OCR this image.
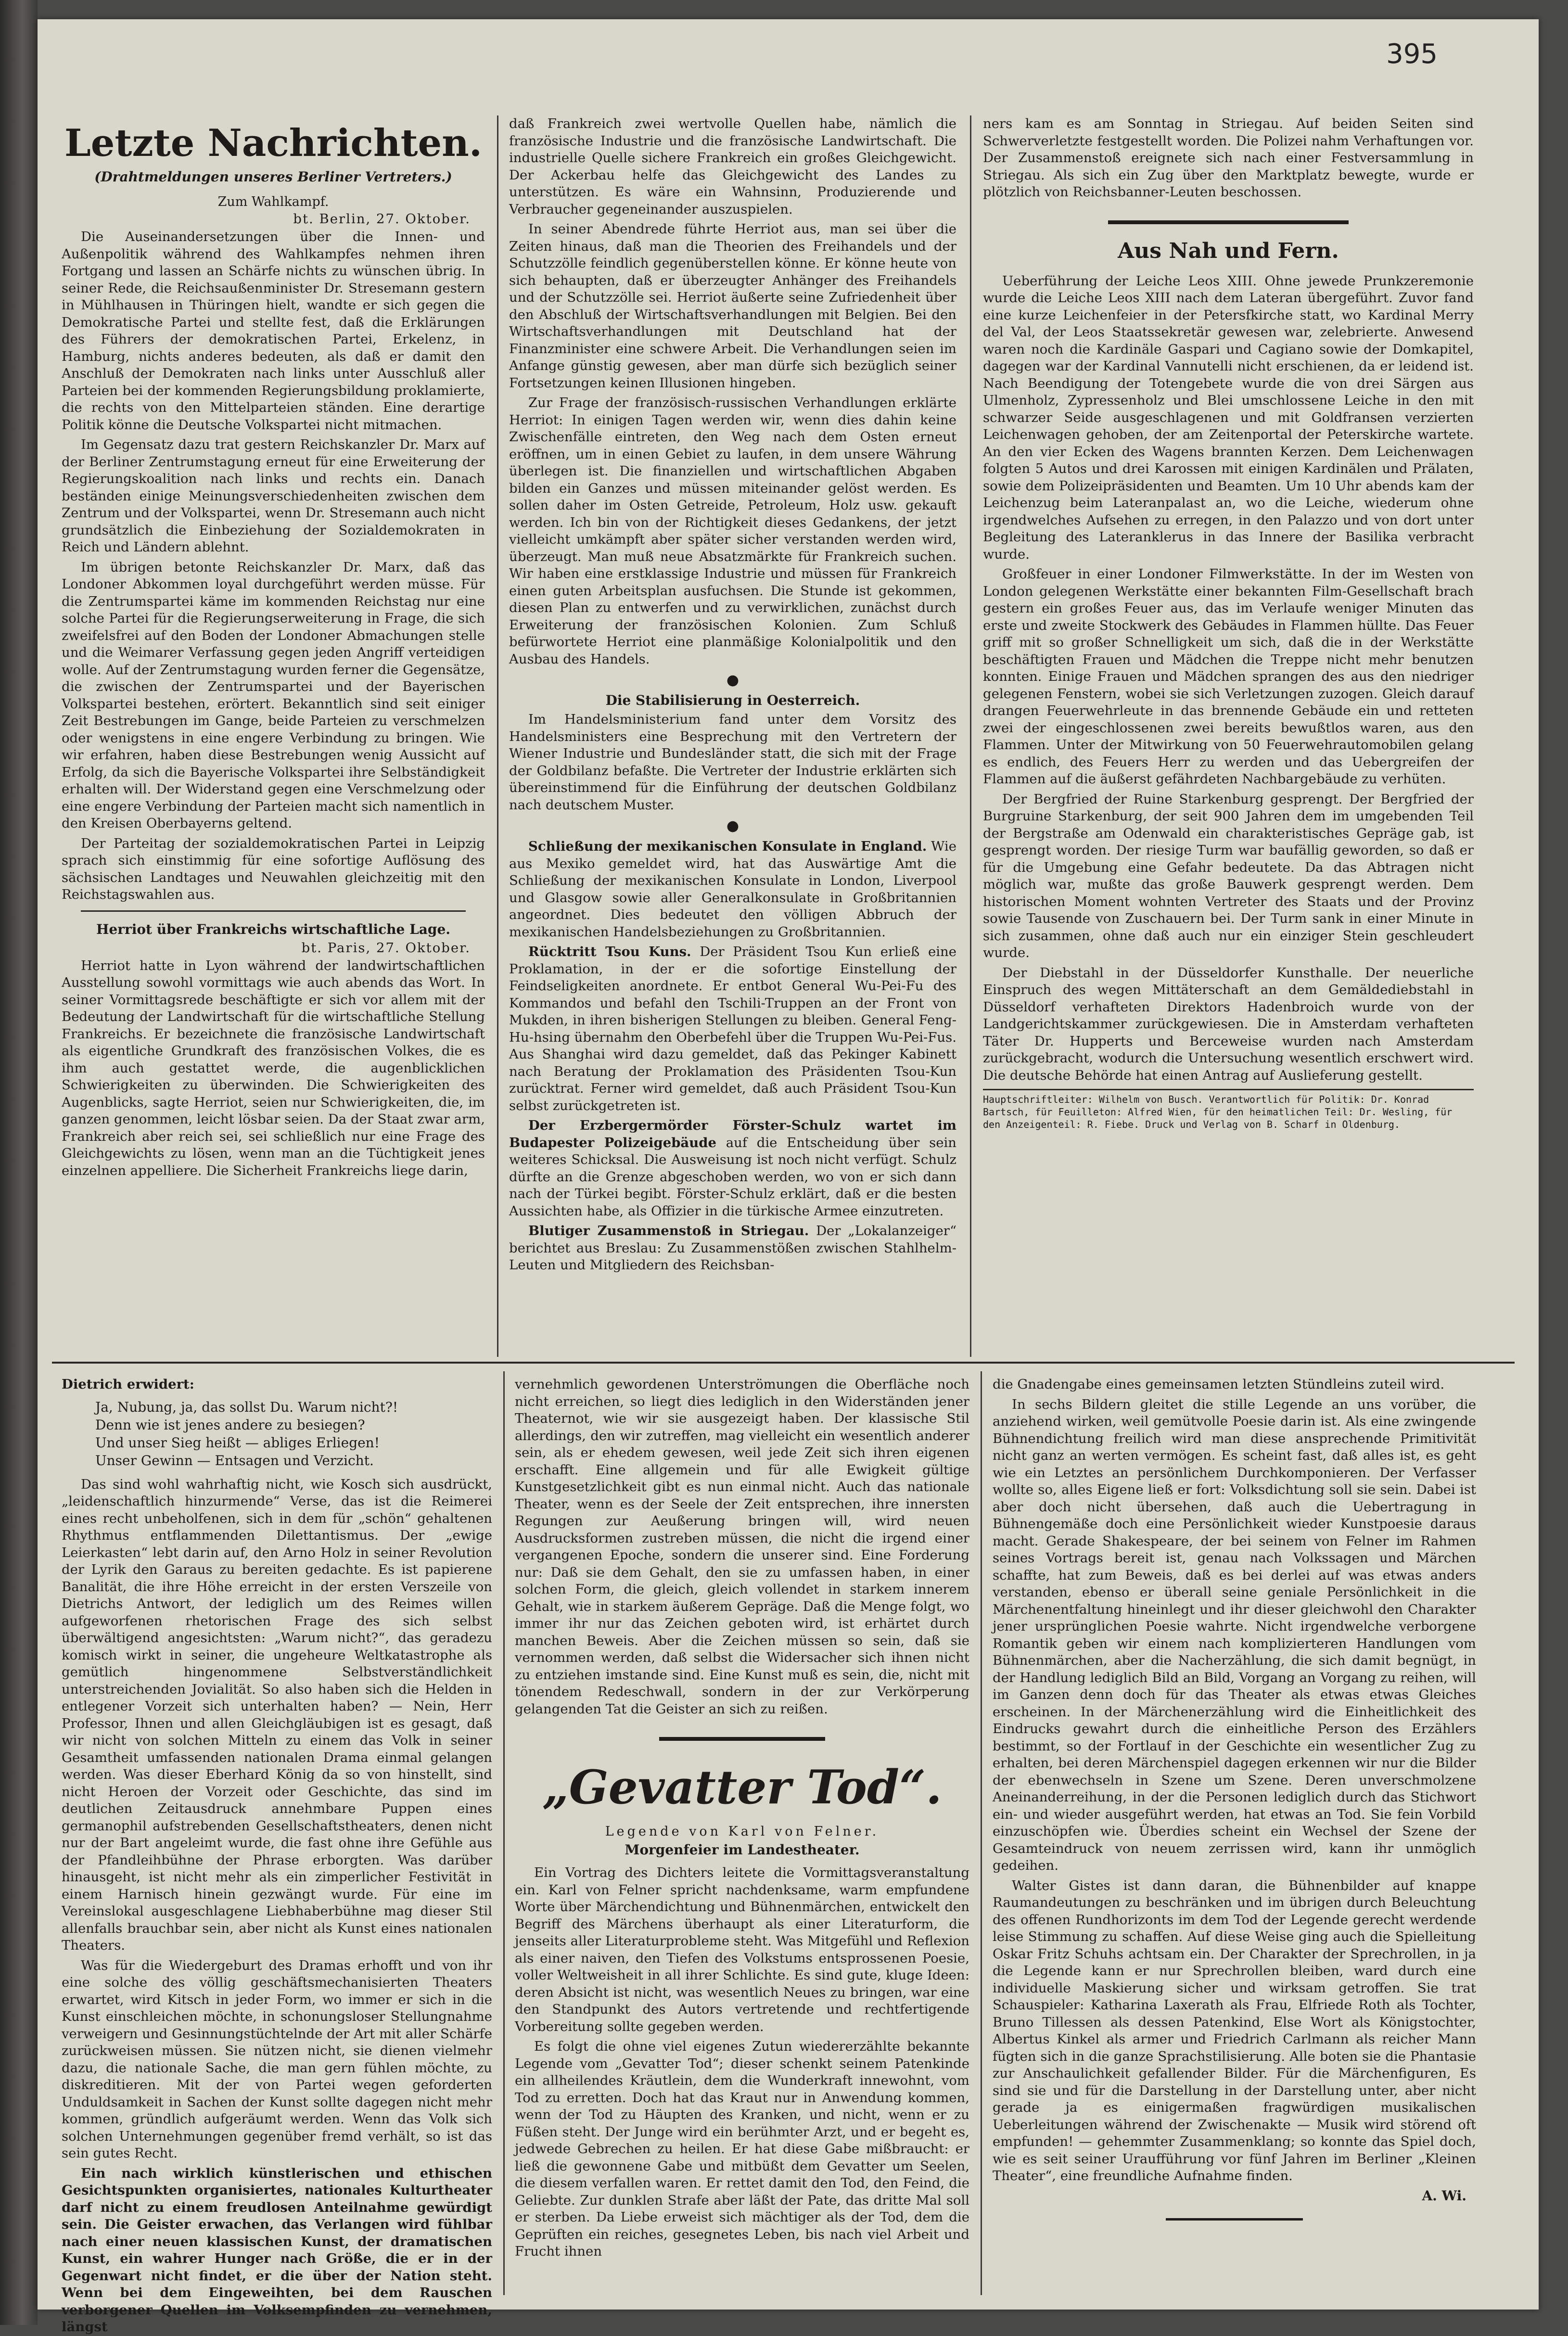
395
Letzte Nachrichten.
(Drahtmeldungen unseres Berliner Vertreters.)
Zum Wahlkampf.
bt. Berlin, 27. Oktober.

Die Auseinandersetzungen über die Innen- und Außenpolitik während des Wahlkampfes nehmen ihren Fortgang und lassen an Schärfe nichts zu wünschen übrig. In seiner Rede, die Reichsaußenminister Dr. Stresemann gestern in Mühlhausen in Thüringen hielt, wandte er sich gegen die Demokratische Partei und stellte fest, daß die Erklärungen des Führers der demokratischen Partei, Erkelenz, in Hamburg, nichts anderes bedeuten, als daß er damit den Anschluß der Demokraten nach links unter Ausschluß aller Parteien bei der kommenden Regierungsbildung proklamierte, die rechts von den Mittelparteien ständen. Eine derartige Politik könne die Deutsche Volkspartei nicht mitmachen.

Im Gegensatz dazu trat gestern Reichskanzler Dr. Marx auf der Berliner Zentrumstagung erneut für eine Erweiterung der Regierungskoalition nach links und rechts ein. Danach beständen einige Meinungsverschiedenheiten zwischen dem Zentrum und der Volkspartei, wenn Dr. Stresemann auch nicht grundsätzlich die Einbeziehung der Sozialdemokraten in Reich und Ländern ablehnt.

Im übrigen betonte Reichskanzler Dr. Marx, daß das Londoner Abkommen loyal durchgeführt werden müsse. Für die Zentrumspartei käme im kommenden Reichstag nur eine solche Partei für die Regierungserweiterung in Frage, die sich zweifelsfrei auf den Boden der Londoner Abmachungen stelle und die Weimarer Verfassung gegen jeden Angriff verteidigen wolle. Auf der Zentrumstagung wurden ferner die Gegensätze, die zwischen der Zentrumspartei und der Bayerischen Volkspartei bestehen, erörtert. Bekanntlich sind seit einiger Zeit Bestrebungen im Gange, beide Parteien zu verschmelzen oder wenigstens in eine engere Verbindung zu bringen. Wie wir erfahren, haben diese Bestrebungen wenig Aussicht auf Erfolg, da sich die Bayerische Volkspartei ihre Selbständigkeit erhalten will. Der Widerstand gegen eine Verschmelzung oder eine engere Verbindung der Parteien macht sich namentlich in den Kreisen Oberbayerns geltend.

Der Parteitag der sozialdemokratischen Partei in Leipzig sprach sich einstimmig für eine sofortige Auflösung des sächsischen Landtages und Neuwahlen gleichzeitig mit den Reichstagswahlen aus.

Herriot über Frankreichs wirtschaftliche Lage.
bt. Paris, 27. Oktober.

Herriot hatte in Lyon während der landwirtschaftlichen Ausstellung sowohl vormittags wie auch abends das Wort. In seiner Vormittagsrede beschäftigte er sich vor allem mit der Bedeutung der Landwirtschaft für die wirtschaftliche Stellung Frankreichs. Er bezeichnete die französische Landwirtschaft als eigentliche Grundkraft des französischen Volkes, die es ihm auch gestattet werde, die augenblicklichen Schwierigkeiten zu überwinden. Die Schwierigkeiten des Augenblicks, sagte Herriot, seien nur Schwierigkeiten, die, im ganzen genommen, leicht lösbar seien. Da der Staat zwar arm, Frankreich aber reich sei, sei schließlich nur eine Frage des Gleichgewichts zu lösen, wenn man an die Tüchtigkeit jenes einzelnen appelliere. Die Sicherheit Frankreichs liege darin,

daß Frankreich zwei wertvolle Quellen habe, nämlich die französische Industrie und die französische Landwirtschaft. Die industrielle Quelle sichere Frankreich ein großes Gleichgewicht. Der Ackerbau helfe das Gleichgewicht des Landes zu unterstützen. Es wäre ein Wahnsinn, Produzierende und Verbraucher gegeneinander auszuspielen.

In seiner Abendrede führte Herriot aus, man sei über die Zeiten hinaus, daß man die Theorien des Freihandels und der Schutzzölle feindlich gegenüberstellen könne. Er könne heute von sich behaupten, daß er überzeugter Anhänger des Freihandels und der Schutzzölle sei. Herriot äußerte seine Zufriedenheit über den Abschluß der Wirtschaftsverhandlungen mit Belgien. Bei den Wirtschaftsverhandlungen mit Deutschland hat der Finanzminister eine schwere Arbeit. Die Verhandlungen seien im Anfange günstig gewesen, aber man dürfe sich bezüglich seiner Fortsetzungen keinen Illusionen hingeben.

Zur Frage der französisch-russischen Verhandlungen erklärte Herriot: In einigen Tagen werden wir, wenn dies dahin keine Zwischenfälle eintreten, den Weg nach dem Osten erneut eröffnen, um in einen Gebiet zu laufen, in dem unsere Währung überlegen ist. Die finanziellen und wirtschaftlichen Abgaben bilden ein Ganzes und müssen miteinander gelöst werden. Es sollen daher im Osten Getreide, Petroleum, Holz usw. gekauft werden. Ich bin von der Richtigkeit dieses Gedankens, der jetzt vielleicht umkämpft aber später sicher verstanden werden wird, überzeugt. Man muß neue Absatzmärkte für Frankreich suchen. Wir haben eine erstklassige Industrie und müssen für Frankreich einen guten Arbeitsplan ausfuchsen. Die Stunde ist gekommen, diesen Plan zu entwerfen und zu verwirklichen, zunächst durch Erweiterung der französischen Kolonien. Zum Schluß befürwortete Herriot eine planmäßige Kolonialpolitik und den Ausbau des Handels.

●
Die Stabilisierung in Oesterreich.

Im Handelsministerium fand unter dem Vorsitz des Handelsministers eine Besprechung mit den Vertretern der Wiener Industrie und Bundesländer statt, die sich mit der Frage der Goldbilanz befaßte. Die Vertreter der Industrie erklärten sich übereinstimmend für die Einführung der deutschen Goldbilanz nach deutschem Muster.

●

Schließung der mexikanischen Konsulate in England. Wie aus Mexiko gemeldet wird, hat das Auswärtige Amt die Schließung der mexikanischen Konsulate in London, Liverpool und Glasgow sowie aller Generalkonsulate in Großbritannien angeordnet. Dies bedeutet den völligen Abbruch der mexikanischen Handelsbeziehungen zu Großbritannien.

Rücktritt Tsou Kuns. Der Präsident Tsou Kun erließ eine Proklamation, in der er die sofortige Einstellung der Feindseligkeiten anordnete. Er entbot General Wu-Pei-Fu des Kommandos und befahl den Tschili-Truppen an der Front von Mukden, in ihren bisherigen Stellungen zu bleiben. General Feng-Hu-hsing übernahm den Oberbefehl über die Truppen Wu-Pei-Fus. Aus Shanghai wird dazu gemeldet, daß das Pekinger Kabinett nach Beratung der Proklamation des Präsidenten Tsou-Kun zurücktrat. Ferner wird gemeldet, daß auch Präsident Tsou-Kun selbst zurückgetreten ist.

Der Erzbergermörder Förster-Schulz wartet im Budapester Polizeigebäude auf die Entscheidung über sein weiteres Schicksal. Die Ausweisung ist noch nicht verfügt. Schulz dürfte an die Grenze abgeschoben werden, wo von er sich dann nach der Türkei begibt. Förster-Schulz erklärt, daß er die besten Aussichten habe, als Offizier in die türkische Armee einzutreten.

Blutiger Zusammenstoß in Striegau. Der „Lokalanzeiger“ berichtet aus Breslau: Zu Zusammenstößen zwischen Stahlhelm-Leuten und Mitgliedern des Reichsban-

ners kam es am Sonntag in Striegau. Auf beiden Seiten sind Schwerverletzte festgestellt worden. Die Polizei nahm Verhaftungen vor. Der Zusammenstoß ereignete sich nach einer Festversammlung in Striegau. Als sich ein Zug über den Marktplatz bewegte, wurde er plötzlich von Reichsbanner-Leuten beschossen.

Aus Nah und Fern.

Ueberführung der Leiche Leos XIII. Ohne jewede Prunkzeremonie wurde die Leiche Leos XIII nach dem Lateran übergeführt. Zuvor fand eine kurze Leichenfeier in der Petersfkirche statt, wo Kardinal Merry del Val, der Leos Staatssekretär gewesen war, zelebrierte. Anwesend waren noch die Kardinäle Gaspari und Cagiano sowie der Domkapitel, dagegen war der Kardinal Vannutelli nicht erschienen, da er leidend ist. Nach Beendigung der Totengebete wurde die von drei Särgen aus Ulmenholz, Zypressenholz und Blei umschlossene Leiche in den mit schwarzer Seide ausgeschlagenen und mit Goldfransen verzierten Leichenwagen gehoben, der am Zeitenportal der Peterskirche wartete. An den vier Ecken des Wagens brannten Kerzen. Dem Leichenwagen folgten 5 Autos und drei Karossen mit einigen Kardinälen und Prälaten, sowie dem Polizeipräsidenten und Beamten. Um 10 Uhr abends kam der Leichenzug beim Lateranpalast an, wo die Leiche, wiederum ohne irgendwelches Aufsehen zu erregen, in den Palazzo und von dort unter Begleitung des Lateranklerus in das Innere der Basilika verbracht wurde.

Großfeuer in einer Londoner Filmwerkstätte. In der im Westen von London gelegenen Werkstätte einer bekannten Film-Gesellschaft brach gestern ein großes Feuer aus, das im Verlaufe weniger Minuten das erste und zweite Stockwerk des Gebäudes in Flammen hüllte. Das Feuer griff mit so großer Schnelligkeit um sich, daß die in der Werkstätte beschäftigten Frauen und Mädchen die Treppe nicht mehr benutzen konnten. Einige Frauen und Mädchen sprangen des aus den niedriger gelegenen Fenstern, wobei sie sich Verletzungen zuzogen. Gleich darauf drangen Feuerwehrleute in das brennende Gebäude ein und retteten zwei der eingeschlossenen zwei bereits bewußtlos waren, aus den Flammen. Unter der Mitwirkung von 50 Feuerwehrautomobilen gelang es endlich, des Feuers Herr zu werden und das Uebergreifen der Flammen auf die äußerst gefährdeten Nachbargebäude zu verhüten.

Der Bergfried der Ruine Starkenburg gesprengt. Der Bergfried der Burgruine Starkenburg, der seit 900 Jahren dem im umgebenden Teil der Bergstraße am Odenwald ein charakteristisches Gepräge gab, ist gesprengt worden. Der riesige Turm war baufällig geworden, so daß er für die Umgebung eine Gefahr bedeutete. Da das Abtragen nicht möglich war, mußte das große Bauwerk gesprengt werden. Dem historischen Moment wohnten Vertreter des Staats und der Provinz sowie Tausende von Zuschauern bei. Der Turm sank in einer Minute in sich zusammen, ohne daß auch nur ein einziger Stein geschleudert wurde.

Der Diebstahl in der Düsseldorfer Kunsthalle. Der neuerliche Einspruch des wegen Mittäterschaft an dem Gemäldediebstahl in Düsseldorf verhafteten Direktors Hadenbroich wurde von der Landgerichtskammer zurückgewiesen. Die in Amsterdam verhafteten Täter Dr. Hupperts und Berceweise wurden nach Amsterdam zurückgebracht, wodurch die Untersuchung wesentlich erschwert wird. Die deutsche Behörde hat einen Antrag auf Auslieferung gestellt.

Hauptschriftleiter: Wilhelm von Busch. Verantwortlich für Politik: Dr. Konrad Bartsch, für Feuilleton: Alfred Wien, für den heimatlichen Teil: Dr. Wesling, für den Anzeigenteil: R. Fiebe. Druck und Verlag von B. Scharf in Oldenburg.

Dietrich erwidert:

Ja, Nubung, ja, das sollst Du. Warum nicht?!
Denn wie ist jenes andere zu besiegen?
Und unser Sieg heißt — abliges Erliegen!
Unser Gewinn — Entsagen und Verzicht.

Das sind wohl wahrhaftig nicht, wie Kosch sich ausdrückt, „leidenschaftlich hinzurmende“ Verse, das ist die Reimerei eines recht unbeholfenen, sich in dem für „schön“ gehaltenen Rhythmus entflammenden Dilettantismus. Der „ewige Leierkasten“ lebt darin auf, den Arno Holz in seiner Revolution der Lyrik den Garaus zu bereiten gedachte. Es ist papierene Banalität, die ihre Höhe erreicht in der ersten Verszeile von Dietrichs Antwort, der lediglich um des Reimes willen aufgeworfenen rhetorischen Frage des sich selbst überwältigend angesichtsten: „Warum nicht?“, das geradezu komisch wirkt in seiner, die ungeheure Weltkatastrophe als gemütlich hingenommene Selbstverständlichkeit unterstreichenden Jovialität. So also haben sich die Helden in entlegener Vorzeit sich unterhalten haben? — Nein, Herr Professor, Ihnen und allen Gleichgläubigen ist es gesagt, daß wir nicht von solchen Mitteln zu einem das Volk in seiner Gesamtheit umfassenden nationalen Drama einmal gelangen werden. Was dieser Eberhard König da so von hinstellt, sind nicht Heroen der Vorzeit oder Geschichte, das sind im deutlichen Zeitausdruck annehmbare Puppen eines germanophil aufstrebenden Gesellschaftstheaters, denen nicht nur der Bart angeleimt wurde, die fast ohne ihre Gefühle aus der Pfandleihbühne der Phrase erborgten. Was darüber hinausgeht, ist nicht mehr als ein zimperlicher Festivität in einem Harnisch hinein gezwängt wurde. Für eine im Vereinslokal ausgeschlagene Liebhaberbühne mag dieser Stil allenfalls brauchbar sein, aber nicht als Kunst eines nationalen Theaters.

Was für die Wiedergeburt des Dramas erhofft und von ihr eine solche des völlig geschäftsmechanisierten Theaters erwartet, wird Kitsch in jeder Form, wo immer er sich in die Kunst einschleichen möchte, in schonungsloser Stellungnahme verweigern und Gesinnungstüchtelnde der Art mit aller Schärfe zurückweisen müssen. Sie nützen nicht, sie dienen vielmehr dazu, die nationale Sache, die man gern fühlen möchte, zu diskreditieren. Mit der von Partei wegen geforderten Unduldsamkeit in Sachen der Kunst sollte dagegen nicht mehr kommen, gründlich aufgeräumt werden. Wenn das Volk sich solchen Unternehmungen gegenüber fremd verhält, so ist das sein gutes Recht.

Ein nach wirklich künstlerischen und ethischen Gesichtspunkten organisiertes, nationales Kulturtheater darf nicht zu einem freudlosen Anteilnahme gewürdigt sein. Die Geister erwachen, das Verlangen wird fühlbar nach einer neuen klassischen Kunst, der dramatischen Kunst, ein wahrer Hunger nach Größe, die er in der Gegenwart nicht findet, er die über der Nation steht. Wenn bei dem Eingeweihten, bei dem Rauschen verborgener Quellen im Volksempfinden zu vernehmen, längst

vernehmlich gewordenen Unterströmungen die Oberfläche noch nicht erreichen, so liegt dies lediglich in den Widerständen jener Theaternot, wie wir sie ausgezeigt haben. Der klassische Stil allerdings, den wir zutreffen, mag vielleicht ein wesentlich anderer sein, als er ehedem gewesen, weil jede Zeit sich ihren eigenen erschafft. Eine allgemein und für alle Ewigkeit gültige Kunstgesetzlichkeit gibt es nun einmal nicht. Auch das nationale Theater, wenn es der Seele der Zeit entsprechen, ihre innersten Regungen zur Aeußerung bringen will, wird neuen Ausdrucksformen zustreben müssen, die nicht die irgend einer vergangenen Epoche, sondern die unserer sind. Eine Forderung nur: Daß sie dem Gehalt, den sie zu umfassen haben, in einer solchen Form, die gleich, gleich vollendet in starkem innerem Gehalt, wie in starkem äußerem Gepräge. Daß die Menge folgt, wo immer ihr nur das Zeichen geboten wird, ist erhärtet durch manchen Beweis. Aber die Zeichen müssen so sein, daß sie vernommen werden, daß selbst die Widersacher sich ihnen nicht zu entziehen imstande sind. Eine Kunst muß es sein, die, nicht mit tönendem Redeschwall, sondern in der zur Verkörperung gelangenden Tat die Geister an sich zu reißen.

„Gevatter Tod“.
Legende von Karl von Felner.
Morgenfeier im Landestheater.

Ein Vortrag des Dichters leitete die Vormittagsveranstaltung ein. Karl von Felner spricht nachdenksame, warm empfundene Worte über Märchendichtung und Bühnenmärchen, entwickelt den Begriff des Märchens überhaupt als einer Literaturform, die jenseits aller Literaturprobleme steht. Was Mitgefühl und Reflexion als einer naiven, den Tiefen des Volkstums entsprossenen Poesie, voller Weltweisheit in all ihrer Schlichte. Es sind gute, kluge Ideen: deren Absicht ist nicht, was wesentlich Neues zu bringen, war eine den Standpunkt des Autors vertretende und rechtfertigende Vorbereitung sollte gegeben werden.

Es folgt die ohne viel eigenes Zutun wiedererzählte bekannte Legende vom „Gevatter Tod“; dieser schenkt seinem Patenkinde ein allheilendes Kräutlein, dem die Wunderkraft innewohnt, vom Tod zu erretten. Doch hat das Kraut nur in Anwendung kommen, wenn der Tod zu Häupten des Kranken, und nicht, wenn er zu Füßen steht. Der Junge wird ein berühmter Arzt, und er begeht es, jedwede Gebrechen zu heilen. Er hat diese Gabe mißbraucht: er ließ die gewonnene Gabe und mitbüßt dem Gevatter um Seelen, die diesem verfallen waren. Er rettet damit den Tod, den Feind, die Geliebte. Zur dunklen Strafe aber läßt der Pate, das dritte Mal soll er sterben. Da Liebe erweist sich mächtiger als der Tod, dem die Geprüften ein reiches, gesegnetes Leben, bis nach viel Arbeit und Frucht ihnen

die Gnadengabe eines gemeinsamen letzten Stündleins zuteil wird.

In sechs Bildern gleitet die stille Legende an uns vorüber, die anziehend wirken, weil gemütvolle Poesie darin ist. Als eine zwingende Bühnendichtung freilich wird man diese ansprechende Primitivität nicht ganz an werten vermögen. Es scheint fast, daß alles ist, es geht wie ein Letztes an persönlichem Durchkomponieren. Der Verfasser wollte so, alles Eigene ließ er fort: Volksdichtung soll sie sein. Dabei ist aber doch nicht übersehen, daß auch die Uebertragung in Bühnengemäße doch eine Persönlichkeit wieder Kunstpoesie daraus macht. Gerade Shakespeare, der bei seinem von Felner im Rahmen seines Vortrags bereit ist, genau nach Volkssagen und Märchen schaffte, hat zum Beweis, daß es bei derlei auf was etwas anders verstanden, ebenso er überall seine geniale Persönlichkeit in die Märchenentfaltung hineinlegt und ihr dieser gleichwohl den Charakter jener ursprünglichen Poesie wahrte. Nicht irgendwelche verborgene Romantik geben wir einem nach komplizierteren Handlungen vom Bühnenmärchen, aber die Nacherzählung, die sich damit begnügt, in der Handlung lediglich Bild an Bild, Vorgang an Vorgang zu reihen, will im Ganzen denn doch für das Theater als etwas etwas Gleiches erscheinen. In der Märchenerzählung wird die Einheitlichkeit des Eindrucks gewahrt durch die einheitliche Person des Erzählers bestimmt, so der Fortlauf in der Geschichte ein wesentlicher Zug zu erhalten, bei deren Märchenspiel dagegen erkennen wir nur die Bilder der ebenwechseln in Szene um Szene. Deren unverschmolzene Aneinanderreihung, in der die Personen lediglich durch das Stichwort ein- und wieder ausgeführt werden, hat etwas an Tod. Sie fein Vorbild einzuschöpfen wie. Überdies scheint ein Wechsel der Szene der Gesamteindruck von neuem zerrissen wird, kann ihr unmöglich gedeihen.

Walter Gistes ist dann daran, die Bühnenbilder auf knappe Raumandeutungen zu beschränken und im übrigen durch Beleuchtung des offenen Rundhorizonts im dem Tod der Legende gerecht werdende leise Stimmung zu schaffen. Auf diese Weise ging auch die Spielleitung Oskar Fritz Schuhs achtsam ein. Der Charakter der Sprechrollen, in ja die Legende kann er nur Sprechrollen bleiben, ward durch eine individuelle Maskierung sicher und wirksam getroffen. Sie trat Schauspieler: Katharina Laxerath als Frau, Elfriede Roth als Tochter, Bruno Tillessen als dessen Patenkind, Else Wort als Königstochter, Albertus Kinkel als armer und Friedrich Carlmann als reicher Mann fügten sich in die ganze Sprachstilisierung. Alle boten sie die Phantasie zur Anschaulichkeit gefallender Bilder. Für die Märchenfiguren, Es sind sie und für die Darstellung in der Darstellung unter, aber nicht gerade ja es einigermaßen fragwürdigen musikalischen Ueberleitungen während der Zwischenakte — Musik wird störend oft empfunden! — gehemmter Zusammenklang; so konnte das Spiel doch, wie es seit seiner Uraufführung vor fünf Jahren im Berliner „Kleinen Theater“, eine freundliche Aufnahme finden.

A. Wi.
